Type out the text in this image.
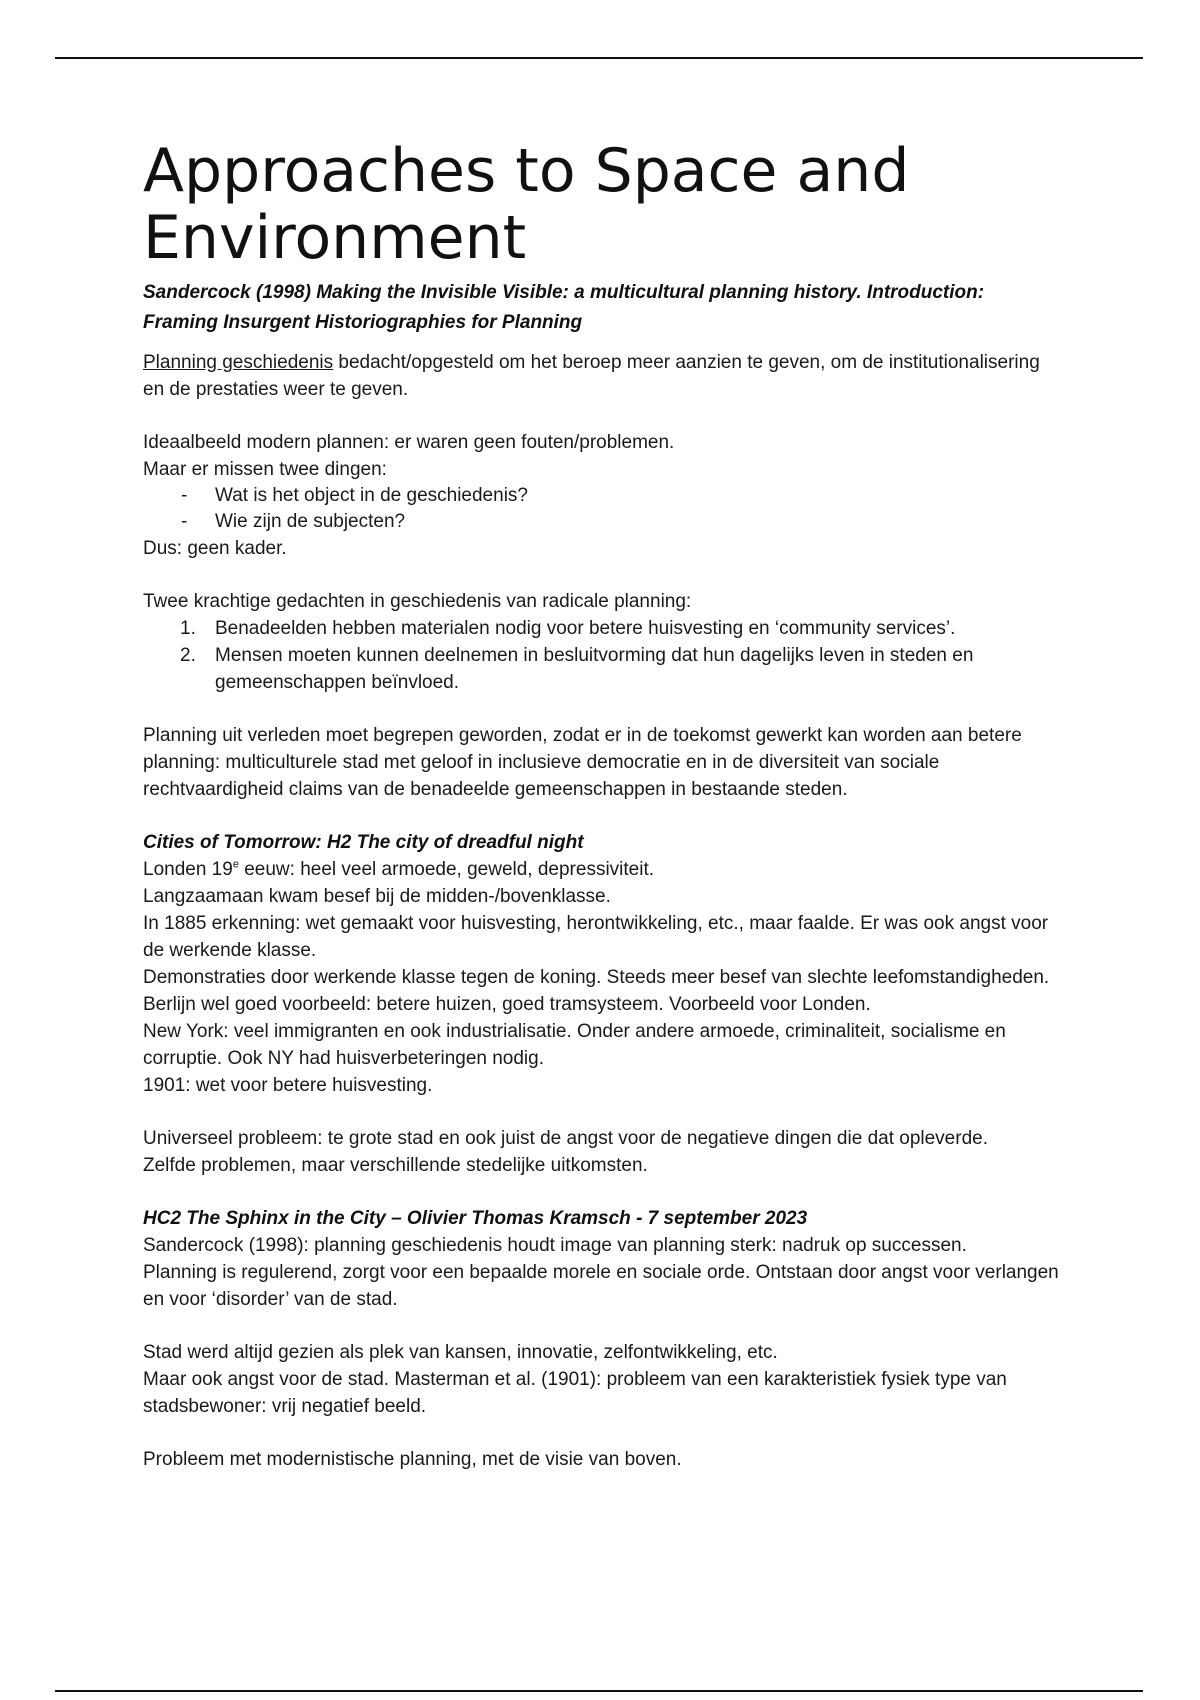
Approaches to Space and Environment

Sandercock (1998) Making the Invisible Visible: a multicultural planning history. Introduction: Framing Insurgent Historiographies for Planning

Planning geschiedenis bedacht/opgesteld om het beroep meer aanzien te geven, om de institutionalisering en de prestaties weer te geven.

Ideaalbeeld modern plannen: er waren geen fouten/problemen.

Maar er missen twee dingen:

- Wat is het object in de geschiedenis?
- Wie zijn de subjecten?

Dus: geen kader.

Twee krachtige gedachten in geschiedenis van radicale planning:

1. Benadeelden hebben materialen nodig voor betere huisvesting en ‘community services’.
2. Mensen moeten kunnen deelnemen in besluitvorming dat hun dagelijks leven in steden en gemeenschappen beïnvloed.

Planning uit verleden moet begrepen geworden, zodat er in de toekomst gewerkt kan worden aan betere planning: multiculturele stad met geloof in inclusieve democratie en in de diversiteit van sociale rechtvaardigheid claims van de benadeelde gemeenschappen in bestaande steden.

Cities of Tomorrow: H2 The city of dreadful night

Londen 19e eeuw: heel veel armoede, geweld, depressiviteit.

Langzaamaan kwam besef bij de midden-/bovenklasse.

In 1885 erkenning: wet gemaakt voor huisvesting, herontwikkeling, etc., maar faalde. Er was ook angst voor de werkende klasse.

Demonstraties door werkende klasse tegen de koning. Steeds meer besef van slechte leefomstandigheden.

Berlijn wel goed voorbeeld: betere huizen, goed tramsysteem. Voorbeeld voor Londen.

New York: veel immigranten en ook industrialisatie. Onder andere armoede, criminaliteit, socialisme en corruptie. Ook NY had huisverbeteringen nodig.

1901: wet voor betere huisvesting.

Universeel probleem: te grote stad en ook juist de angst voor de negatieve dingen die dat opleverde.

Zelfde problemen, maar verschillende stedelijke uitkomsten.

HC2 The Sphinx in the City – Olivier Thomas Kramsch - 7 september 2023

Sandercock (1998): planning geschiedenis houdt image van planning sterk: nadruk op successen.

Planning is regulerend, zorgt voor een bepaalde morele en sociale orde. Ontstaan door angst voor verlangen en voor ‘disorder’ van de stad.

Stad werd altijd gezien als plek van kansen, innovatie, zelfontwikkeling, etc.

Maar ook angst voor de stad. Masterman et al. (1901): probleem van een karakteristiek fysiek type van stadsbewoner: vrij negatief beeld.

Probleem met modernistische planning, met de visie van boven.
